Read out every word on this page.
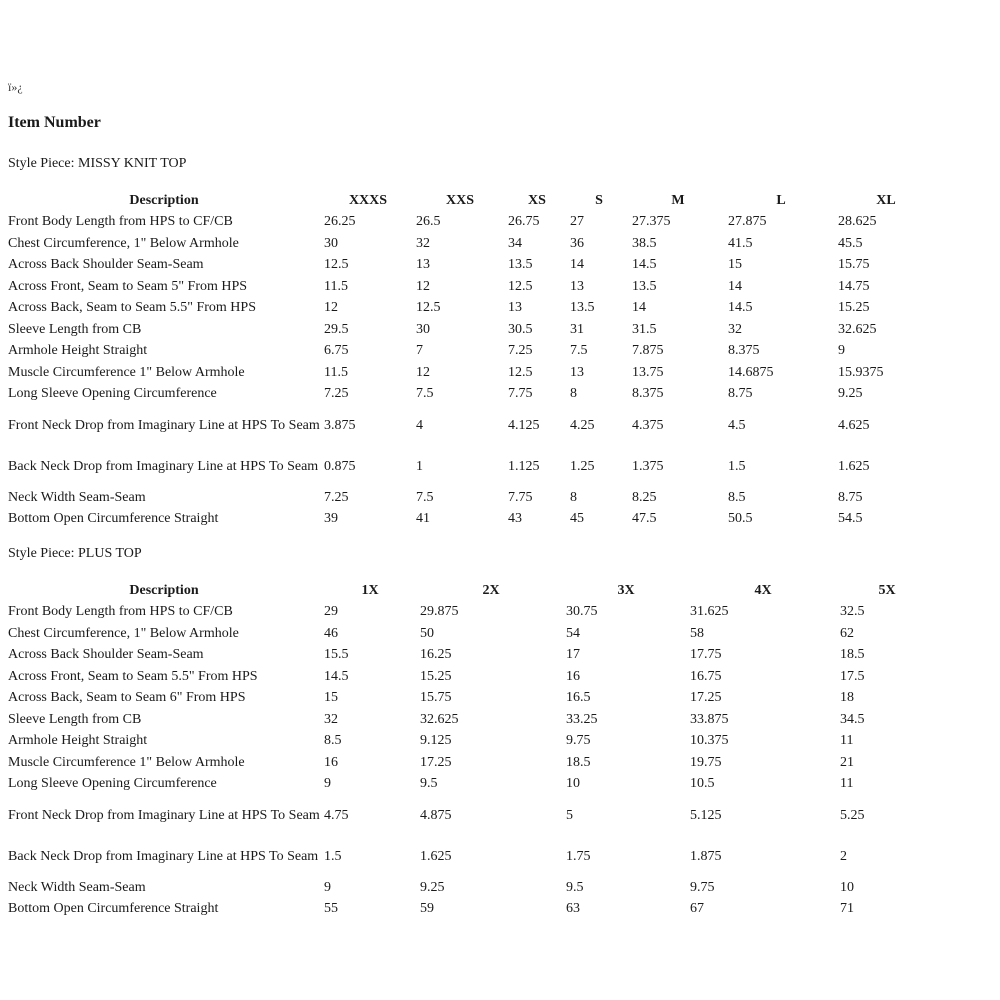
ï»¿
Item Number
Style Piece: MISSY KNIT TOP
Description	XXXS	XXS	XS	S	M	L	XL
Front Body Length from HPS to CF/CB	26.25	26.5	26.75	27	27.375	27.875	28.625
Chest Circumference, 1" Below Armhole	30	32	34	36	38.5	41.5	45.5
Across Back Shoulder Seam-Seam	12.5	13	13.5	14	14.5	15	15.75
Across Front, Seam to Seam 5" From HPS	11.5	12	12.5	13	13.5	14	14.75
Across Back, Seam to Seam 5.5" From HPS	12	12.5	13	13.5	14	14.5	15.25
Sleeve Length from CB	29.5	30	30.5	31	31.5	32	32.625
Armhole Height Straight	6.75	7	7.25	7.5	7.875	8.375	9
Muscle Circumference 1" Below Armhole	11.5	12	12.5	13	13.75	14.6875	15.9375
Long Sleeve Opening Circumference	7.25	7.5	7.75	8	8.375	8.75	9.25
Front Neck Drop from Imaginary Line at HPS To Seam	3.875	4	4.125	4.25	4.375	4.5	4.625
Back Neck Drop from Imaginary Line at HPS To Seam	0.875	1	1.125	1.25	1.375	1.5	1.625
Neck Width Seam-Seam	7.25	7.5	7.75	8	8.25	8.5	8.75
Bottom Open Circumference Straight	39	41	43	45	47.5	50.5	54.5
Style Piece: PLUS TOP
Description	1X	2X	3X	4X	5X
Front Body Length from HPS to CF/CB	29	29.875	30.75	31.625	32.5
Chest Circumference, 1" Below Armhole	46	50	54	58	62
Across Back Shoulder Seam-Seam	15.5	16.25	17	17.75	18.5
Across Front, Seam to Seam 5.5" From HPS	14.5	15.25	16	16.75	17.5
Across Back, Seam to Seam 6" From HPS	15	15.75	16.5	17.25	18
Sleeve Length from CB	32	32.625	33.25	33.875	34.5
Armhole Height Straight	8.5	9.125	9.75	10.375	11
Muscle Circumference 1" Below Armhole	16	17.25	18.5	19.75	21
Long Sleeve Opening Circumference	9	9.5	10	10.5	11
Front Neck Drop from Imaginary Line at HPS To Seam	4.75	4.875	5	5.125	5.25
Back Neck Drop from Imaginary Line at HPS To Seam	1.5	1.625	1.75	1.875	2
Neck Width Seam-Seam	9	9.25	9.5	9.75	10
Bottom Open Circumference Straight	55	59	63	67	71
